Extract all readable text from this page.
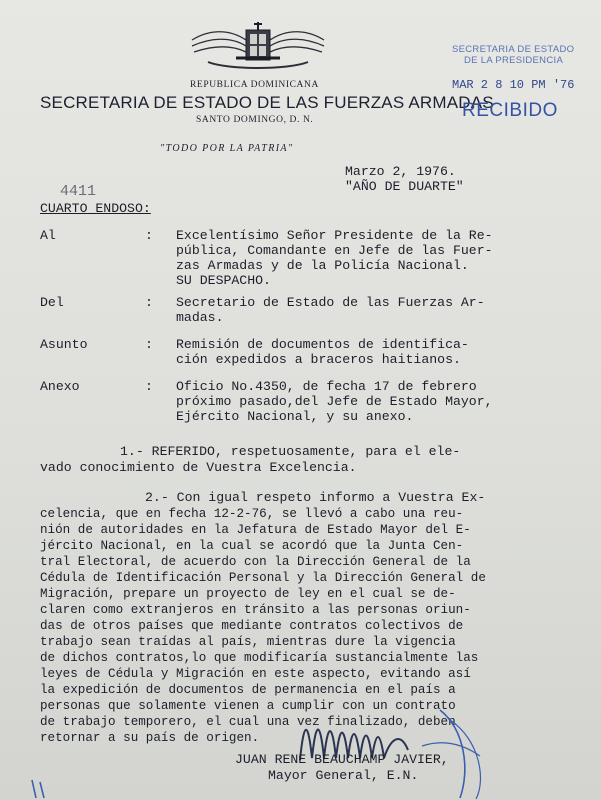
REPUBLICA DOMINICANA
SECRETARIA DE ESTADO DE LAS FUERZAS ARMADAS
SANTO DOMINGO, D. N.
"TODO POR LA PATRIA"
SECRETARIA DE ESTADO
DE LA PRESIDENCIA
MAR 2 8 10 PM '76
RECIBIDO
Marzo 2, 1976.
"AÑO DE DUARTE"
4411
CUARTO ENDOSO:
Al	: Excelentísimo Señor Presidente de la Re-
pública, Comandante en Jefe de las Fuer-
zas Armadas y de la Policía Nacional.
SU DESPACHO.
Del	: Secretario de Estado de las Fuerzas Ar-
madas.
Asunto	: Remisión de documentos de identifica-
ción expedidos a braceros haitianos.
Anexo	: Oficio No.4350, de fecha 17 de febrero
próximo pasado,del Jefe de Estado Mayor,
Ejército Nacional, y su anexo.
1.- REFERIDO, respetuosamente, para el ele-
vado conocimiento de Vuestra Excelencia.
2.- Con igual respeto informo a Vuestra Ex-
celencia, que en fecha 12-2-76, se llevó a cabo una reu-
nión de autoridades en la Jefatura de Estado Mayor del E-
jército Nacional, en la cual se acordó que la Junta Cen-
tral Electoral, de acuerdo con la Dirección General de la
Cédula de Identificación Personal y la Dirección General de
Migración, prepare un proyecto de ley en el cual se de-
claren como extranjeros en tránsito a las personas oriun-
das de otros países que mediante contratos colectivos de
trabajo sean traídas al país, mientras dure la vigencia
de dichos contratos,lo que modificaría sustancialmente las
leyes de Cédula y Migración en este aspecto, evitando así
la expedición de documentos de permanencia en el país a
personas que solamente vienen a cumplir con un contrato
de trabajo temporero, el cual una vez finalizado, deben
retornar a su país de origen.
JUAN RENE BEAUCHAMP JAVIER,
Mayor General, E.N.
